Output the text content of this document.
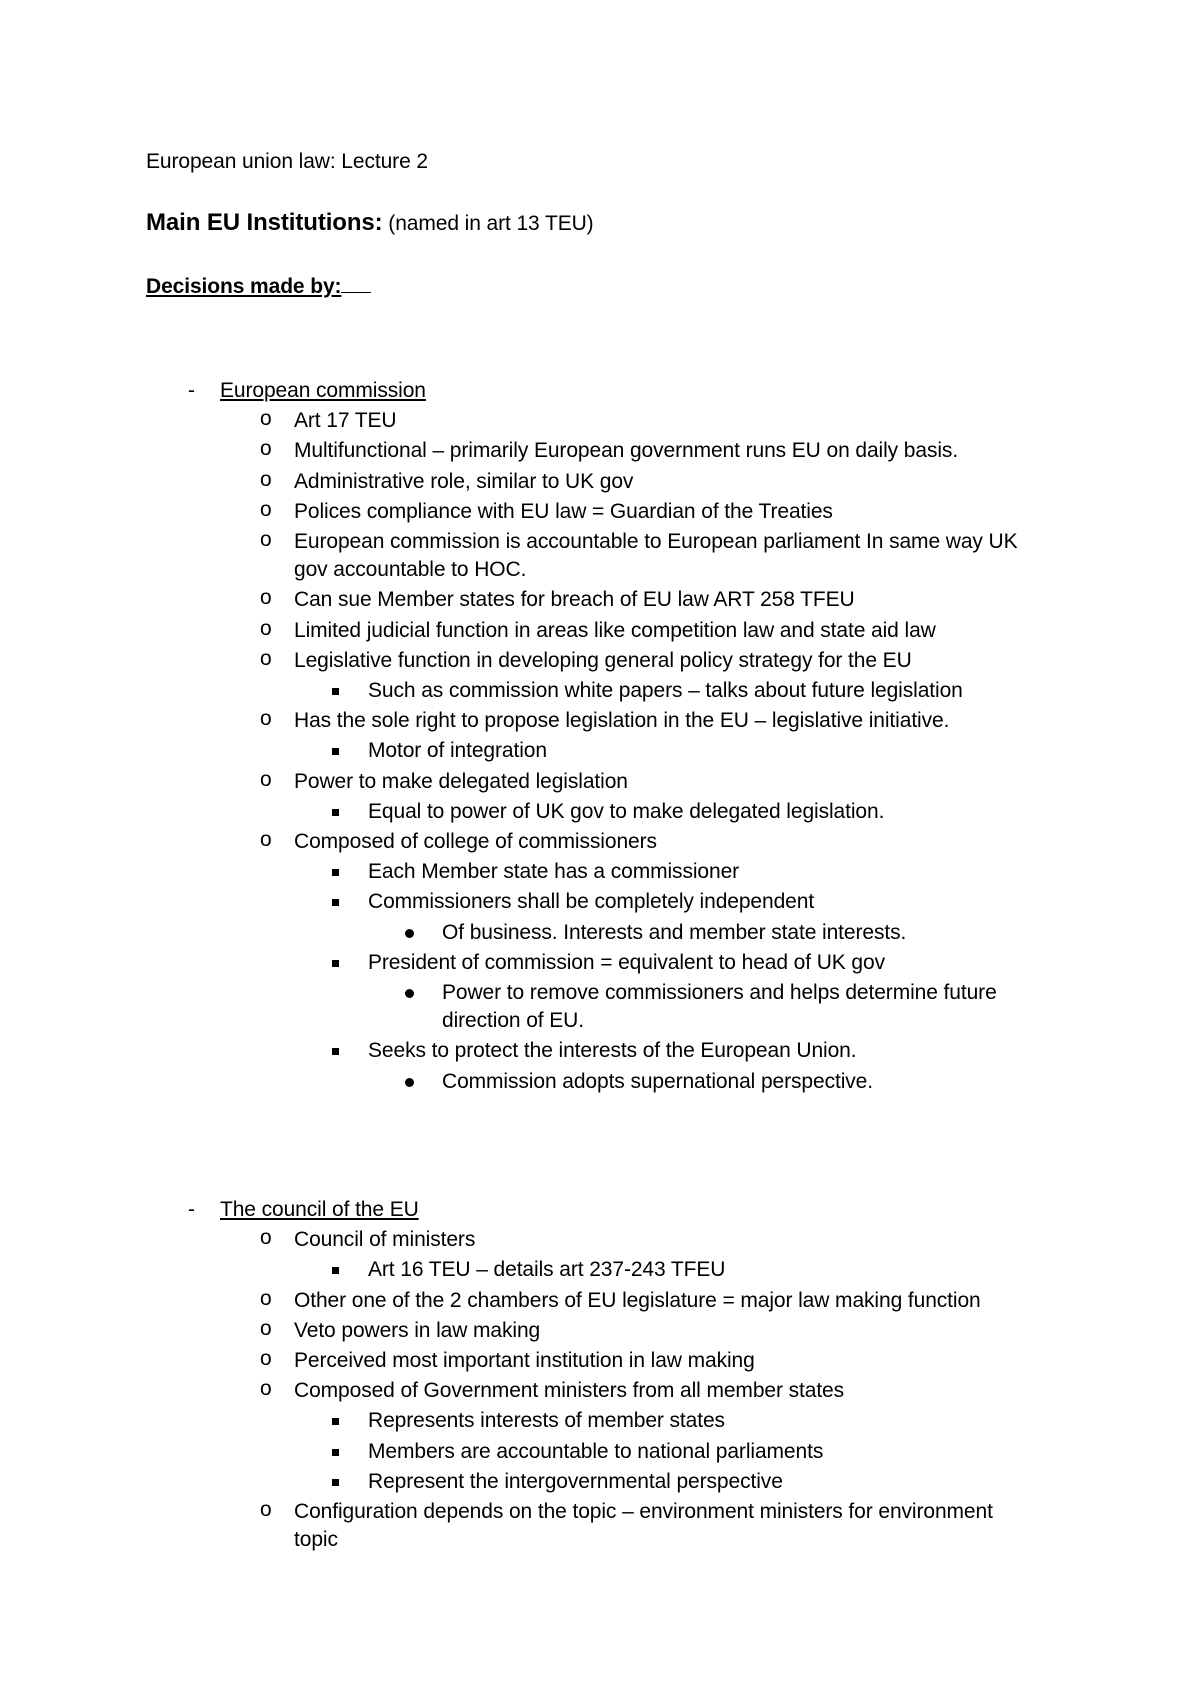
European union law: Lecture 2
Main EU Institutions: (named in art 13 TEU)
Decisions made by:
- European commission
o Art 17 TEU
o Multifunctional – primarily European government runs EU on daily basis.
o Administrative role, similar to UK gov
o Polices compliance with EU law = Guardian of the Treaties
o European commission is accountable to European parliament In same way UK
gov accountable to HOC.
o Can sue Member states for breach of EU law ART 258 TFEU
o Limited judicial function in areas like competition law and state aid law
o Legislative function in developing general policy strategy for the EU
Such as commission white papers – talks about future legislation
o Has the sole right to propose legislation in the EU – legislative initiative.
Motor of integration
o Power to make delegated legislation
Equal to power of UK gov to make delegated legislation.
o Composed of college of commissioners
Each Member state has a commissioner
Commissioners shall be completely independent
Of business. Interests and member state interests.
President of commission = equivalent to head of UK gov
Power to remove commissioners and helps determine future
direction of EU.
Seeks to protect the interests of the European Union.
Commission adopts supernational perspective.
- The council of the EU
o Council of ministers
Art 16 TEU – details art 237-243 TFEU
o Other one of the 2 chambers of EU legislature = major law making function
o Veto powers in law making
o Perceived most important institution in law making
o Composed of Government ministers from all member states
Represents interests of member states
Members are accountable to national parliaments
Represent the intergovernmental perspective
o Configuration depends on the topic – environment ministers for environment
topic
